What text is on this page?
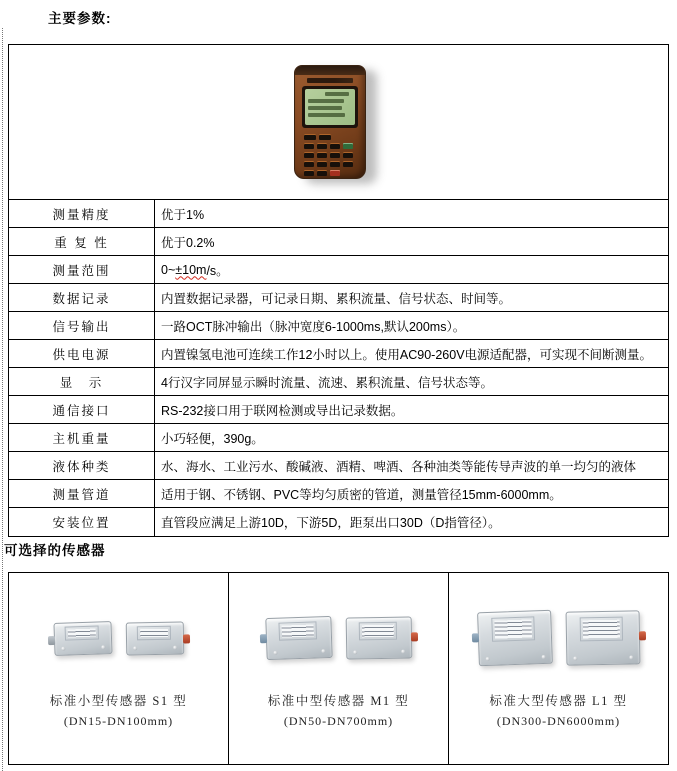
主要参数:
测量精度	优于1%
重 复 性	优于0.2%
测量范围	0~ ±10m /s。
数据记录	内置数据记录器，可记录日期、累积流量、信号状态、时间等。
信号输出	一路OCT脉冲输出（脉冲宽度6-1000ms,默认200ms）。
供电电源	内置镍氢电池可连续工作12小时以上。使用AC90-260V电源适配器，可实现不间断测量。
显　示	4行汉字同屏显示瞬时流量、流速、累积流量、信号状态等。
通信接口	RS-232接口用于联网检测或导出记录数据。
主机重量	小巧轻便，390g。
液体种类	水、海水、工业污水、酸碱液、酒精、啤酒、各种油类等能传导声波的单一均匀的液体
测量管道	适用于钢、不锈钢、PVC等均匀质密的管道，测量管径15mm-6000mm。
安装位置	直管段应满足上游10D，下游5D，距泵出口30D（D指管径）。
可选择的传感器
标准小型传感器 S1 型
(DN15-DN100mm)
标准中型传感器 M1 型
(DN50-DN700mm)
标准大型传感器 L1 型
(DN300-DN6000mm)
